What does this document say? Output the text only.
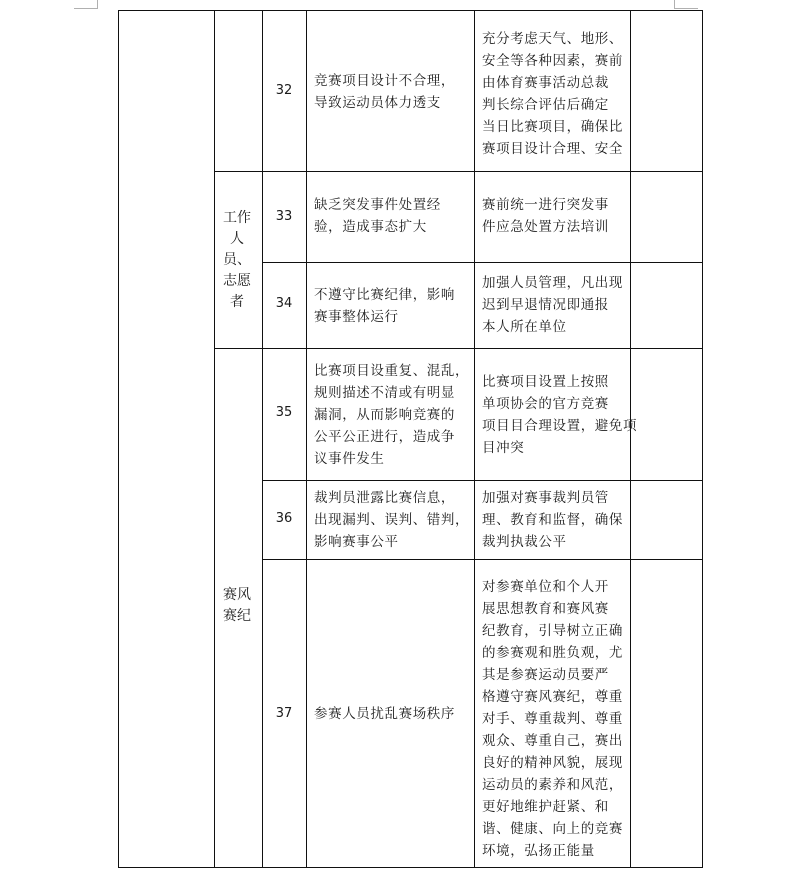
工作
人
员、
志愿
者
赛风
赛纪
32
竞赛项目设计不合理，
导致运动员体力透支
充分考虑天气、地形、
安全等各种因素，赛前
由体育赛事活动总裁
判长综合评估后确定
当日比赛项目，确保比
赛项目设计合理、安全
33
缺乏突发事件处置经
验，造成事态扩大
赛前统一进行突发事
件应急处置方法培训
34
不遵守比赛纪律，影响
赛事整体运行
加强人员管理，凡出现
迟到早退情况即通报
本人所在单位
35
比赛项目设重复、混乱，
规则描述不清或有明显
漏洞，从而影响竞赛的
公平公正进行，造成争
议事件发生
比赛项目设置上按照
单项协会的官方竞赛
项目目合理设置，避免项
目冲突
36
裁判员泄露比赛信息，
出现漏判、误判、错判，
影响赛事公平
加强对赛事裁判员管
理、教育和监督，确保
裁判执裁公平
37	参赛人员扰乱赛场秩序
对参赛单位和个人开
展思想教育和赛风赛
纪教育，引导树立正确
的参赛观和胜负观，尤
其是参赛运动员要严
格遵守赛风赛纪，尊重
对手、尊重裁判、尊重
观众、尊重自己，赛出
良好的精神风貌，展现
运动员的素养和风范，
更好地维护赶紧、和
谐、健康、向上的竞赛
环境，弘扬正能量
